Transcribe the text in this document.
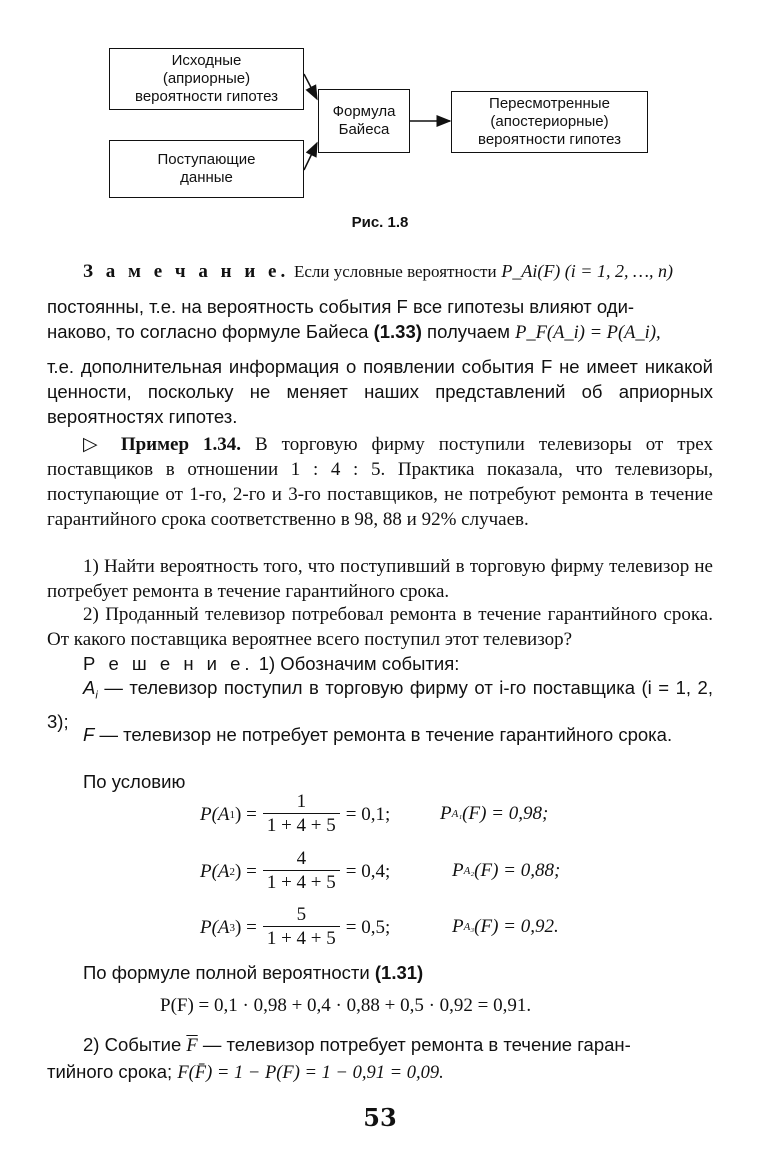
Исходные
(априорные)
вероятности гипотез
Поступающие
данные
Формула
Байеса
Пересмотренные
(апостериорные)
вероятности гипотез
Рис. 1.8
З а м е ч а н и е. Если условные вероятности P_Ai(F) (i = 1, 2, …, n)
постоянны, т.е. на вероятность события F все гипотезы влияют оди-
наково, то согласно формуле Байеса (1.33) получаем P_F(A_i) = P(A_i),
т.е. дополнительная информация о появлении события F не имеет никакой ценности, поскольку не меняет наших представлений об априорных вероятностях гипотез.
▷ Пример 1.34. В торговую фирму поступили телевизоры от трех поставщиков в отношении 1 : 4 : 5. Практика показала, что телевизоры, поступающие от 1-го, 2-го и 3-го поставщиков, не потребуют ремонта в течение гарантийного срока соответственно в 98, 88 и 92% случаев.
1) Найти вероятность того, что поступивший в торговую фирму телевизор не потребует ремонта в течение гарантийного срока.
2) Проданный телевизор потребовал ремонта в течение гарантийного срока. От какого поставщика вероятнее всего поступил этот телевизор?
Р е ш е н и е. 1) Обозначим события:
$A_i$ — телевизор поступил в торговую фирму от i-го поставщика (i = 1, 2, 3);
F — телевизор не потребует ремонта в течение гарантийного срока.
По условию
P(A 1 ) = $\frac{1}{1 + 4 + 5} = 0,1$;	P A₁ (F) = 0,98;
P(A 2 ) = $\frac{4}{1 + 4 + 5} = 0,4$;	P A₂ (F) = 0,88;
P(A 3 ) = $\frac{5}{1 + 4 + 5} = 0,5$;	P A₃ (F) = 0,92.
По формуле полной вероятности (1.31)
P(F) = 0,1 · 0,98 + 0,4 · 0,88 + 0,5 · 0,92 = 0,91.
2) Событие $\overline{F}$ — телевизор потребует ремонта в течение гаран-
тийного срока; F(F̄) = 1 − P(F) = 1 − 0,91 = 0,09.
53
